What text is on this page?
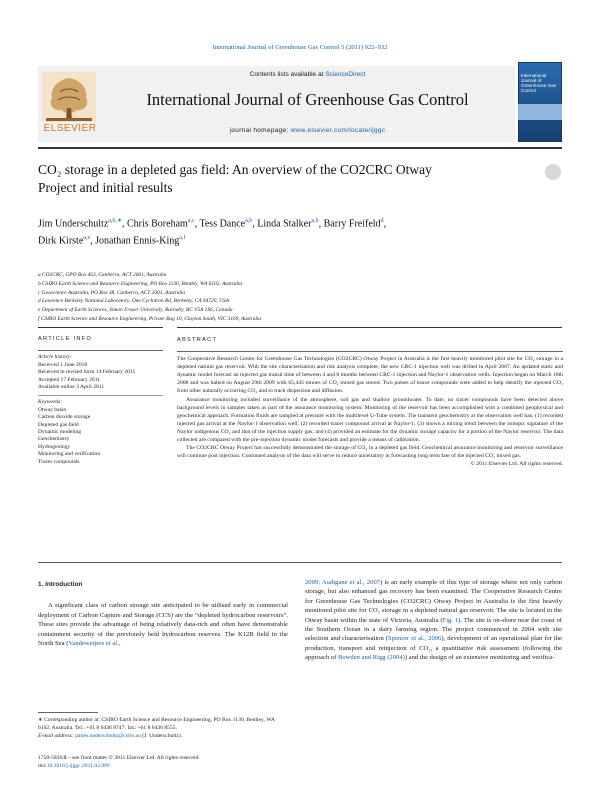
International Journal of Greenhouse Gas Control 5 (2011) 922–932
ELSEVIER
Contents lists available at ScienceDirect
International Journal of Greenhouse Gas Control
journal homepage: www.elsevier.com/locate/ijggc
International Journal of Greenhouse Gas Control
CO₂ storage in a depleted gas field: An overview of the CO2CRC Otway
Project and initial results
Jim Underschultz$^{a,b,∗}$, Chris Boreham$^{a,c}$, Tess Dance$^{a,b}$, Linda Stalker$^{a,b}$, Barry Freifeld$^d$,
Dirk Kirste$^{a,e}$, Jonathan Ennis-King$^{a,f}$
a CO2CRC, GPO Box 463, Canberra, ACT 2601, Australia
b CSIRO Earth Science and Resource Engineering, PO Box 1130, Bentley, WA 6102, Australia
c Geoscience Australia, PO Box 38, Canberra, ACT 2601, Australia
d Lawrence Berkeley National Laboratory, One Cyclotron Rd, Berkeley, CA 94720, USA
e Department of Earth Sciences, Simon Fraser University, Burnaby, BC V5A 1S6, Canada
f CSIRO Earth Science and Resource Engineering, Private Bag 10, Clayton South, VIC 3169, Australia
ARTICLE INFO
Article history:
Received 1 June 2010
Received in revised form 14 February 2011
Accepted 17 February 2011
Available online 3 April 2011
Keywords:
Otway basin
Carbon dioxide storage
Depleted gas field
Dynamic modeling
Geochemistry
Hydrogeology
Monitoring and verification
Tracer compounds
ABSTRACT

The Cooperative Research Centre for Greenhouse Gas Technologies (CO2CRC) Otway Project in Australia is the first heavily monitored pilot site for CO₂ storage in a depleted natural gas reservoir. With the site characterisation and risk analysis complete, the new CRC-1 injection well was drilled in April 2007. An updated static and dynamic model forecast an injected gas transit time of between 4 and 8 months between CRC-1 injection and Naylor-1 observation wells. Injection began on March 18th 2008 and was halted on August 29th 2009 with 65,445 tonnes of CO₂ mixed gas stored. Two pulses of tracer compounds were added to help identify the injected CO₂ from other naturally occurring CO₂ and to track dispersion and diffusion.

Assurance monitoring included surveillance of the atmosphere, soil gas and shallow groundwater. To date, no tracer compounds have been detected above background levels in samples taken as part of the assurance monitoring system. Monitoring of the reservoir has been accomplished with a combined geophysical and geochemical approach. Formation fluids are sampled at pressure with the multilevel U-Tube system. The transient geochemistry at the observation well has: (1) recorded injected gas arrival at the Naylor-1 observation well; (2) recorded tracer compound arrival at Naylor-1; (3) shown a mixing trend between the isotopic signature of the Naylor indigenous CO₂ and that of the injection supply gas; and (4) provided an estimate for the dynamic storage capacity for a portion of the Naylor reservoir. The data collected are compared with the pre-injection dynamic model forecasts and provide a means of calibration.

The CO2CRC Otway Project has successfully demonstrated the storage of CO₂ in a depleted gas field. Geochemical assurance monitoring and reservoir surveillance will continue post injection. Continued analysis of the data will serve to reduce uncertainty in forecasting long term fate of the injected CO₂ mixed gas.

© 2011 Elsevier Ltd. All rights reserved.

1. Introduction

A significant class of carbon storage site anticipated to be utilised early in commercial deployment of Carbon Capture and Storage (CCS) are the “depleted hydrocarbon reservoirs”. These sites provide the advantage of being relatively data-rich and often have demonstrable containment security of the previously held hydrocarbon reserves. The K12B field in the North Sea (Vandeweijere et al.,

2009; Audigane et al., 2007) is an early example of this type of storage where not only carbon storage, but also enhanced gas recovery has been examined. The Cooperative Research Centre for Greenhouse Gas Technologies (CO2CRC) Otway Project in Australia is the first heavily monitored pilot site for CO₂ storage in a depleted natural gas reservoir. The site is located in the Otway basin within the state of Victoria, Australia (Fig. 1). The site is on-shore near the coast of the Southern Ocean in a dairy farming region. The project commenced in 2004 with site selection and characterisation (Spencer et al., 2006), development of an operational plan for the production, transport and reinjection of CO₂, a quantitative risk assessment (following the approach of Bowden and Rigg (2004)) and the design of an extensive monitoring and verifica-

∗ Corresponding author at: CSIRO Earth Science and Resource Engineering, PO Box 1130, Bentley, WA 6102, Australia. Tel.: +61 8 6436 8747; fax: +61 8 6436 8555.
E-mail address: james.underschultz@csiro.au (J. Underschultz).
1750-5836/$ – see front matter © 2011 Elsevier Ltd. All rights reserved.
doi:10.1016/j.ijggc.2011.02.009
